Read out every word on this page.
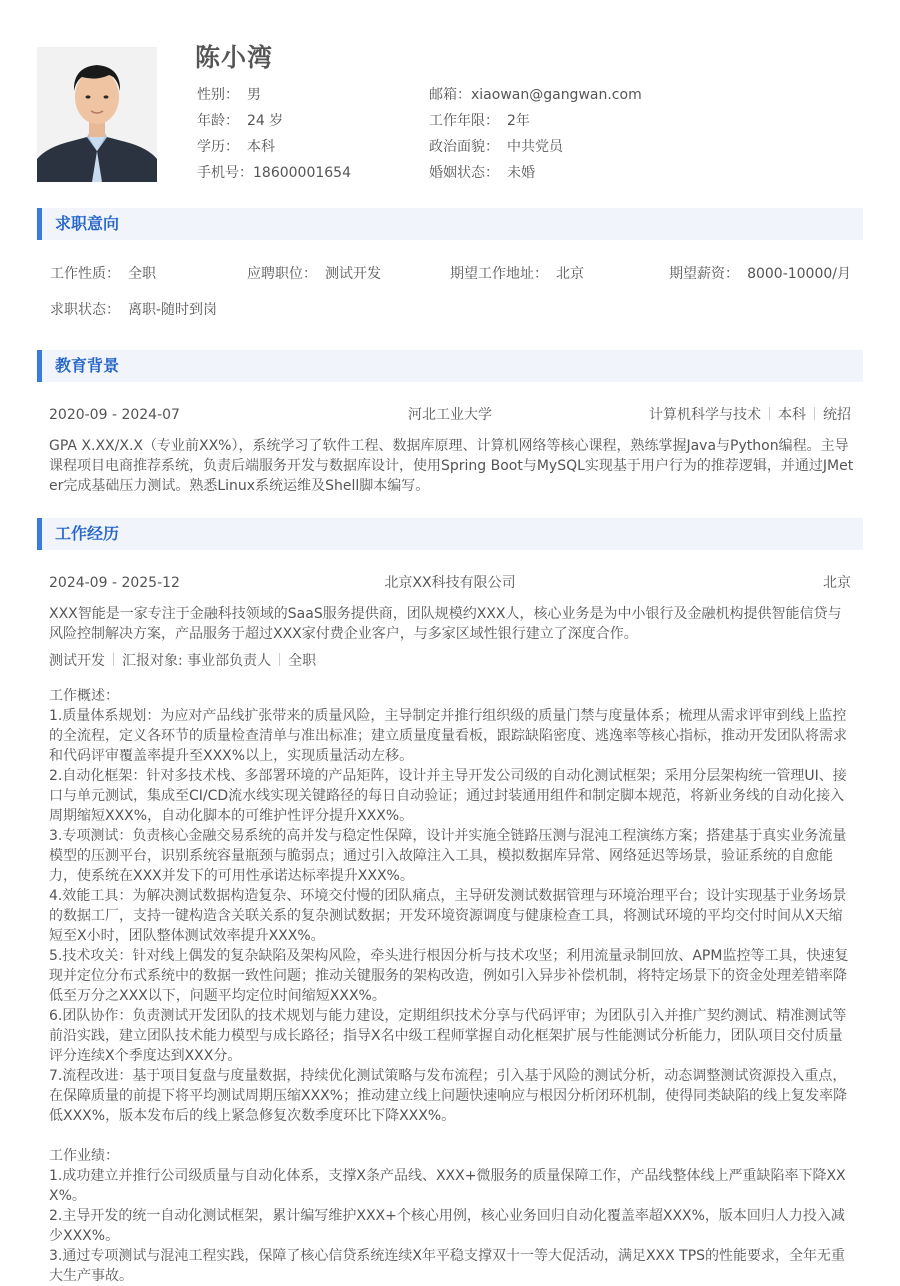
陈小湾
性别： 男	邮箱：xiaowan@gangwan.com
年龄： 24 岁	工作年限： 2年
学历： 本科	政治面貌： 中共党员
手机号：18600001654	婚姻状态： 未婚
求职意向
工作性质： 全职	应聘职位： 测试开发	期望工作地址： 北京	期望薪资： 8000-10000/月
求职状态： 离职-随时到岗
教育背景
2020-09 - 2024-07	河北工业大学	计算机科学与技术 本科 统招
GPA X.XX/X.X（专业前XX%），系统学习了软件工程、数据库原理、计算机网络等核心课程，熟练掌握Java与Python编程。主导课程项目电商推荐系统，负责后端服务开发与数据库设计，使用Spring Boot与MySQL实现基于用户行为的推荐逻辑，并通过JMeter完成基础压力测试。熟悉Linux系统运维及Shell脚本编写。
工作经历
2024-09 - 2025-12	北京XX科技有限公司	北京
XXX智能是一家专注于金融科技领域的SaaS服务提供商，团队规模约XXX人，核心业务是为中小银行及金融机构提供智能信贷与风险控制解决方案，产品服务于超过XXX家付费企业客户，与多家区域性银行建立了深度合作。
测试开发 汇报对象: 事业部负责人 全职
工作概述：
1.质量体系规划：为应对产品线扩张带来的质量风险，主导制定并推行组织级的质量门禁与度量体系；梳理从需求评审到线上监控的全流程，定义各环节的质量检查清单与准出标准；建立质量度量看板，跟踪缺陷密度、逃逸率等核心指标，推动开发团队将需求和代码评审覆盖率提升至XXX%以上，实现质量活动左移。
2.自动化框架：针对多技术栈、多部署环境的产品矩阵，设计并主导开发公司级的自动化测试框架；采用分层架构统一管理UI、接口与单元测试，集成至CI/CD流水线实现关键路径的每日自动验证；通过封装通用组件和制定脚本规范，将新业务线的自动化接入周期缩短XXX%，自动化脚本的可维护性评分提升XXX%。
3.专项测试：负责核心金融交易系统的高并发与稳定性保障，设计并实施全链路压测与混沌工程演练方案；搭建基于真实业务流量模型的压测平台，识别系统容量瓶颈与脆弱点；通过引入故障注入工具，模拟数据库异常、网络延迟等场景，验证系统的自愈能力，使系统在XXX并发下的可用性承诺达标率提升XXX%。
4.效能工具：为解决测试数据构造复杂、环境交付慢的团队痛点，主导研发测试数据管理与环境治理平台；设计实现基于业务场景的数据工厂，支持一键构造含关联关系的复杂测试数据；开发环境资源调度与健康检查工具，将测试环境的平均交付时间从X天缩短至X小时，团队整体测试效率提升XXX%。
5.技术攻关：针对线上偶发的复杂缺陷及架构风险，牵头进行根因分析与技术攻坚；利用流量录制回放、APM监控等工具，快速复现并定位分布式系统中的数据一致性问题；推动关键服务的架构改造，例如引入异步补偿机制，将特定场景下的资金处理差错率降低至万分之XXX以下，问题平均定位时间缩短XXX%。
6.团队协作：负责测试开发团队的技术规划与能力建设，定期组织技术分享与代码评审；为团队引入并推广契约测试、精准测试等前沿实践，建立团队技术能力模型与成长路径；指导X名中级工程师掌握自动化框架扩展与性能测试分析能力，团队项目交付质量评分连续X个季度达到XXX分。
7.流程改进：基于项目复盘与度量数据，持续优化测试策略与发布流程；引入基于风险的测试分析，动态调整测试资源投入重点，在保障质量的前提下将平均测试周期压缩XXX%；推动建立线上问题快速响应与根因分析闭环机制，使得同类缺陷的线上复发率降低XXX%，版本发布后的线上紧急修复次数季度环比下降XXX%。
工作业绩：
1.成功建立并推行公司级质量与自动化体系，支撑X条产品线、XXX+微服务的质量保障工作，产品线整体线上严重缺陷率下降XXX%。
2.主导开发的统一自动化测试框架，累计编写维护XXX+个核心用例，核心业务回归自动化覆盖率超XXX%，版本回归人力投入减少XXX%。
3.通过专项测试与混沌工程实践，保障了核心信贷系统连续X年平稳支撑双十一等大促活动，满足XXX TPS的性能要求，全年无重大生产事故。
